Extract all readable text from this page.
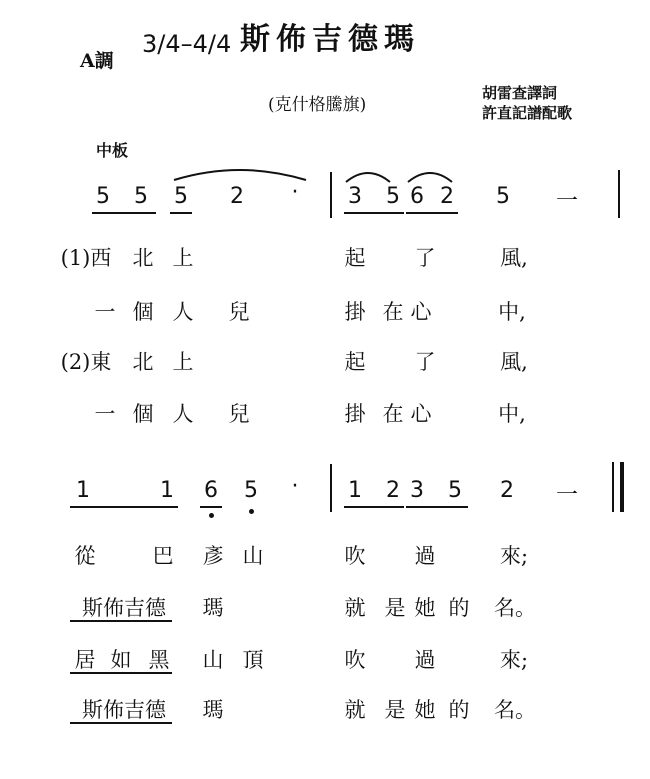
斯佈吉德瑪
A調
3/4–4/4
(克什格騰旗)
胡雷查譯詞
許直記譜配歌
中板
5 5 5 2	·	3 5 6 2 5 一
(1)西	北 上	起 了	風,
一 個 人 兒	掛 在 心	中,
(2)東	北 上	起 了	風,
一 個 人 兒	掛 在 心	中,
1	1 6 5	·	1 2 3 5 2 一
從	巴 彥 山	吹 過	來;
斯佈吉德	瑪	就 是 她 的 名。
居 如 黑 山 頂	吹 過	來;
斯佈吉德	瑪	就 是 她 的 名。
